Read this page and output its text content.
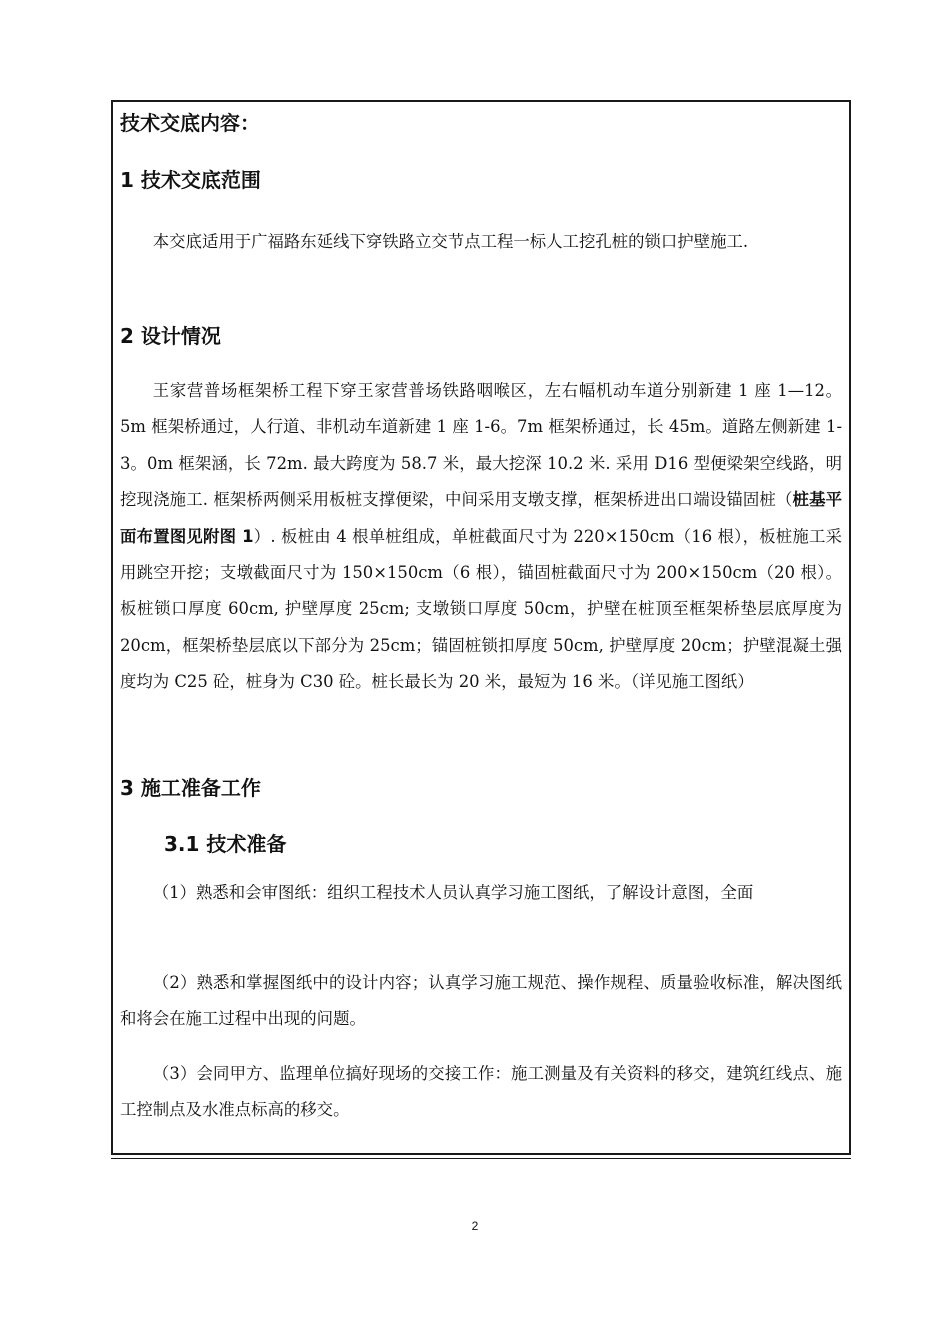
技术交底内容：
1 技术交底范围
本交底适用于广福路东延线下穿铁路立交节点工程一标人工挖孔桩的锁口护壁施工.
2 设计情况
王家营普场框架桥工程下穿王家营普场铁路咽喉区，左右幅机动车道分别新建 1 座 1—12。5m 框架桥通过，人行道、非机动车道新建 1 座 1-6。7m 框架桥通过，长 45m。道路左侧新建 1-3。0m 框架涵，长 72m. 最大跨度为 58.7 米，最大挖深 10.2 米. 采用 D16 型便梁架空线路，明挖现浇施工. 框架桥两侧采用板桩支撑便梁，中间采用支墩支撑，框架桥进出口端设锚固桩（桩基平面布置图见附图 1）. 板桩由 4 根单桩组成，单桩截面尺寸为 220×150cm（16 根），板桩施工采用跳空开挖；支墩截面尺寸为 150×150cm（6 根），锚固桩截面尺寸为 200×150cm（20 根）。板桩锁口厚度 60cm, 护壁厚度 25cm; 支墩锁口厚度 50cm，护壁在桩顶至框架桥垫层底厚度为 20cm，框架桥垫层底以下部分为 25cm；锚固桩锁扣厚度 50cm, 护壁厚度 20cm；护壁混凝土强度均为 C25 砼，桩身为 C30 砼。桩长最长为 20 米，最短为 16 米。（详见施工图纸）
3 施工准备工作
3.1 技术准备
（1）熟悉和会审图纸：组织工程技术人员认真学习施工图纸，了解设计意图，全面
（2）熟悉和掌握图纸中的设计内容；认真学习施工规范、操作规程、质量验收标准，解决图纸和将会在施工过程中出现的问题。
（3）会同甲方、监理单位搞好现场的交接工作：施工测量及有关资料的移交，建筑红线点、施工控制点及水准点标高的移交。
2
